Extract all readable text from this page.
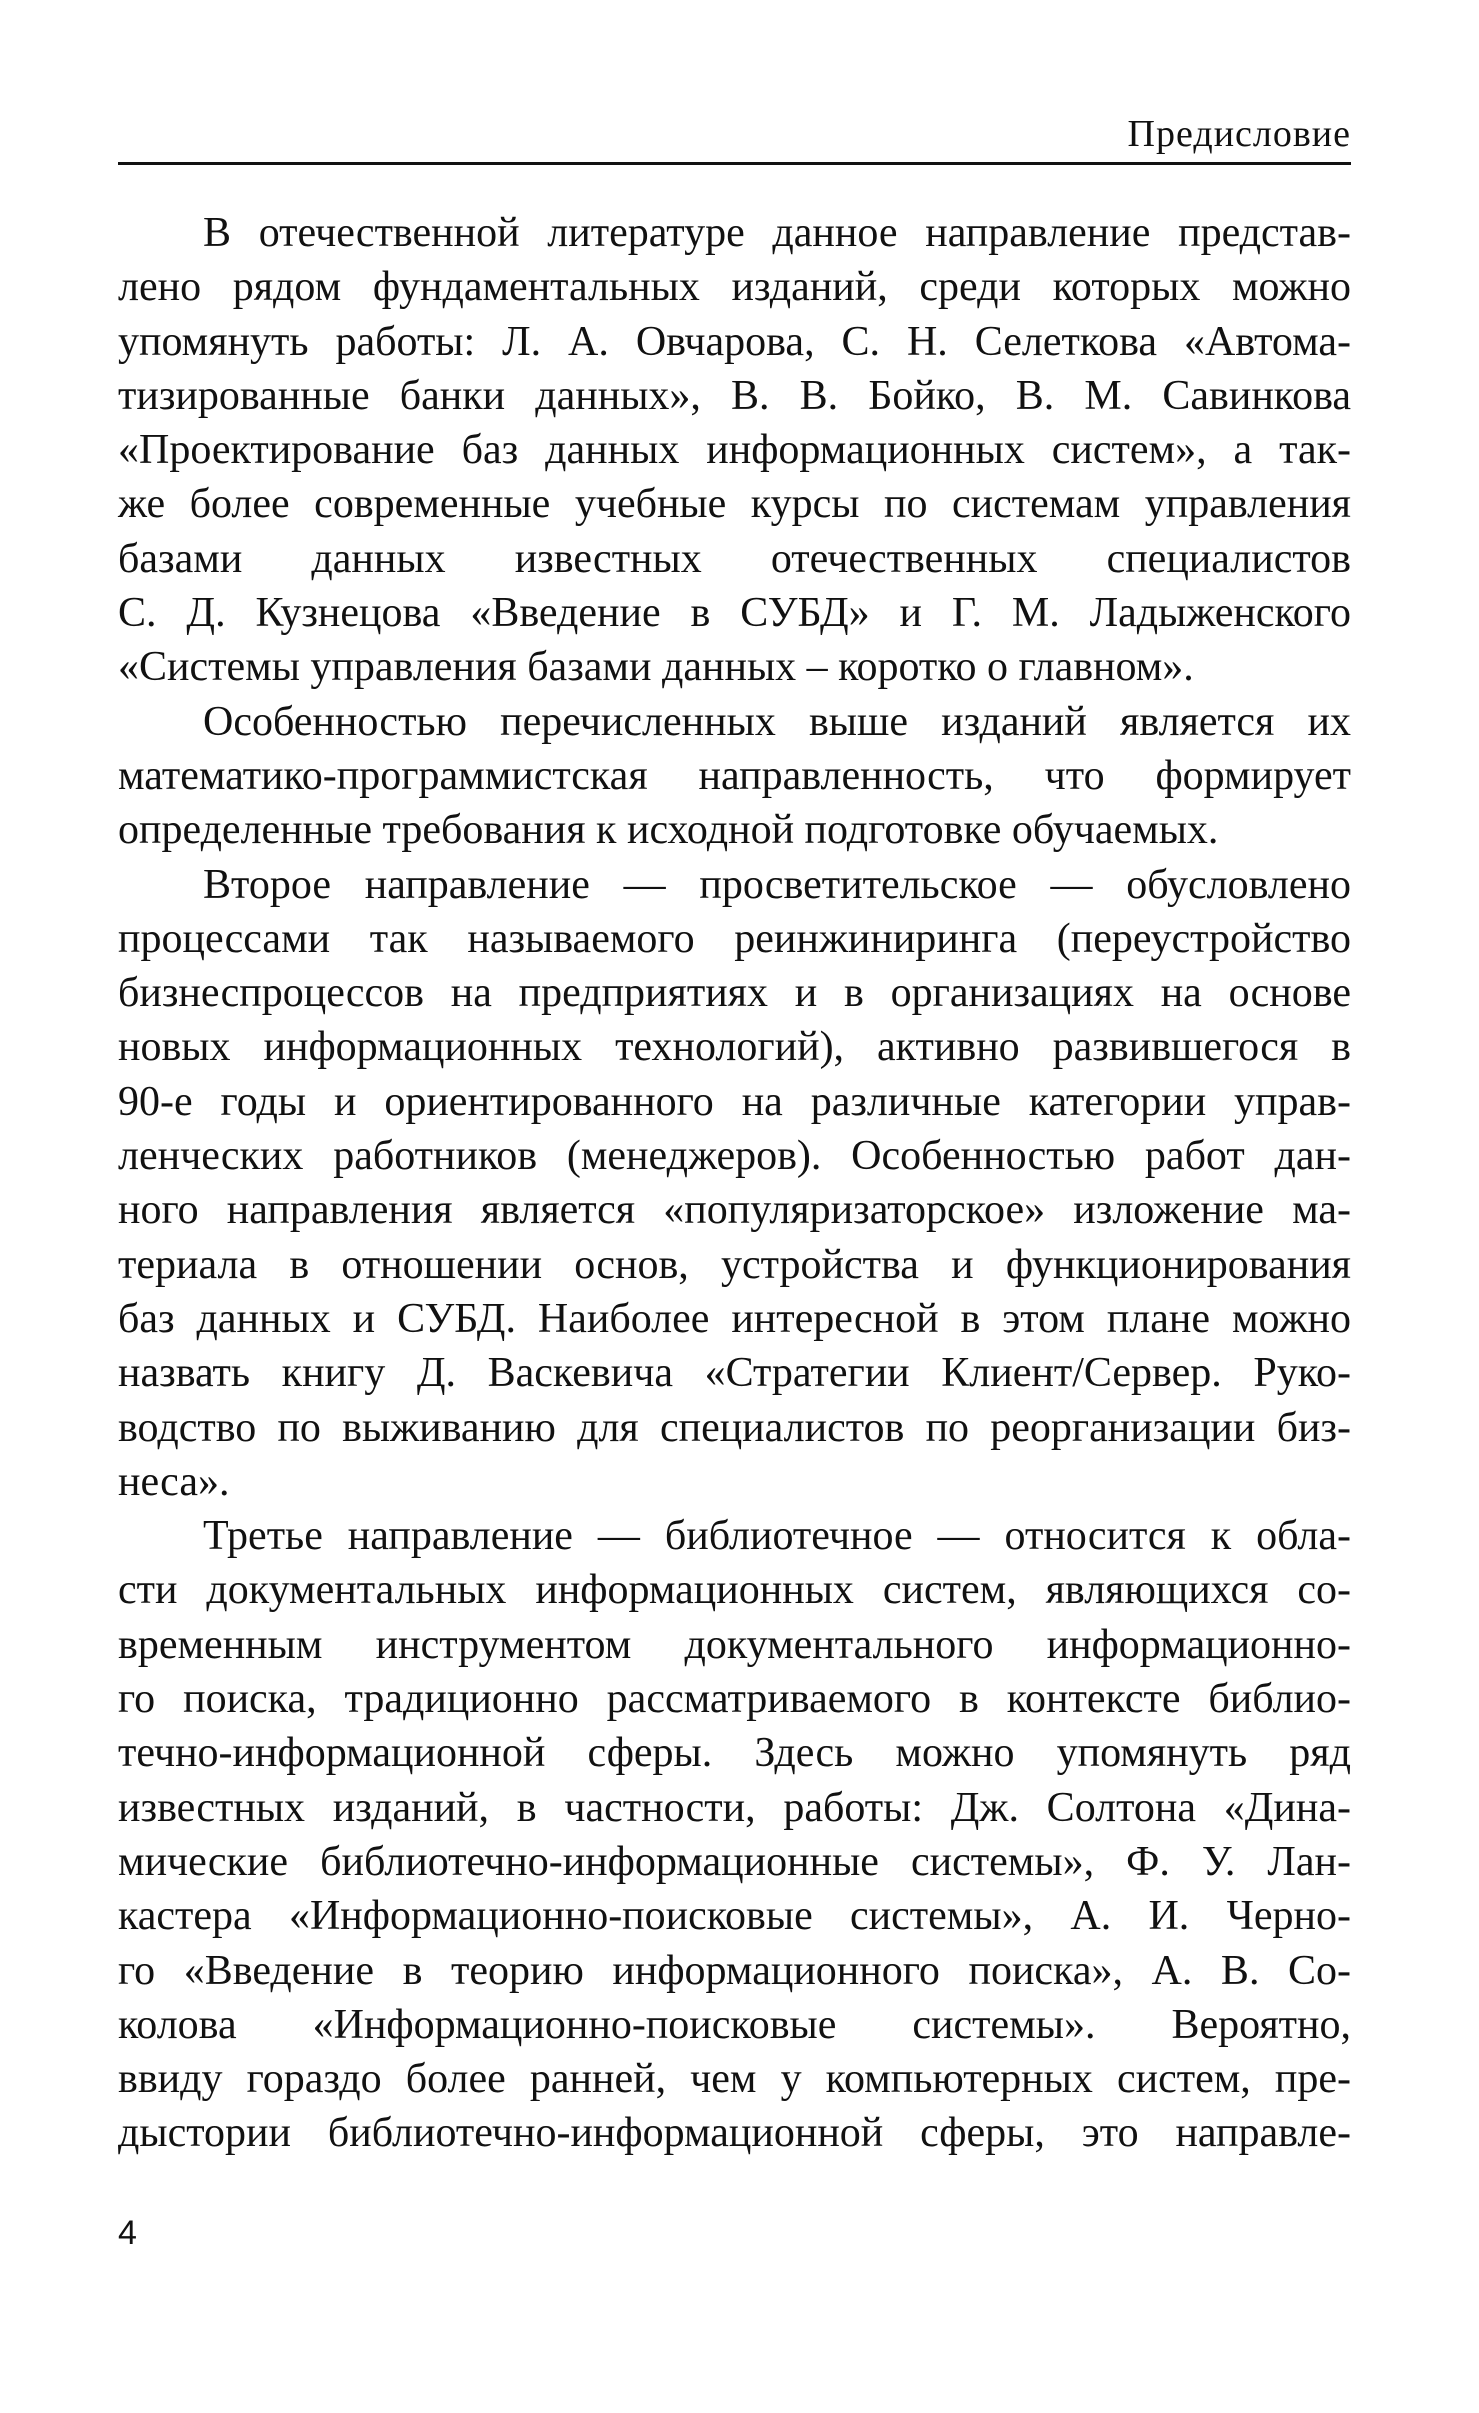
Предисловие
В отечественной литературе данное направление представ-
лено рядом фундаментальных изданий, среди которых можно
упомянуть работы: Л. А. Овчарова, С. Н. Селеткова «Автома-
тизированные банки данных», В. В. Бойко, В. М. Савинкова
«Проектирование баз данных информационных систем», а так-
же более современные учебные курсы по системам управления
базами данных известных отечественных специалистов
С. Д. Кузнецова «Введение в СУБД» и Г. М. Ладыженского
«Системы управления базами данных – коротко о главном».
Особенностью перечисленных выше изданий является их
математико-программистская направленность, что формирует
определенные требования к исходной подготовке обучаемых.
Второе направление — просветительское — обусловлено
процессами так называемого реинжиниринга (переустройство
бизнеспроцессов на предприятиях и в организациях на основе
новых информационных технологий), активно развившегося в
90-е годы и ориентированного на различные категории управ-
ленческих работников (менеджеров). Особенностью работ дан-
ного направления является «популяризаторское» изложение ма-
териала в отношении основ, устройства и функционирования
баз данных и СУБД. Наиболее интересной в этом плане можно
назвать книгу Д. Васкевича «Стратегии Клиент/Сервер. Руко-
водство по выживанию для специалистов по реорганизации биз-
неса».
Третье направление — библиотечное — относится к обла-
сти документальных информационных систем, являющихся со-
временным инструментом документального информационно-
го поиска, традиционно рассматриваемого в контексте библио-
течно-информационной сферы. Здесь можно упомянуть ряд
известных изданий, в частности, работы: Дж. Солтона «Дина-
мические библиотечно-информационные системы», Ф. У. Лан-
кастера «Информационно-поисковые системы», А. И. Черно-
го «Введение в теорию информационного поиска», А. В. Со-
колова «Информационно-поисковые системы». Вероятно,
ввиду гораздо более ранней, чем у компьютерных систем, пре-
дыстории библиотечно-информационной сферы, это направле-
4
